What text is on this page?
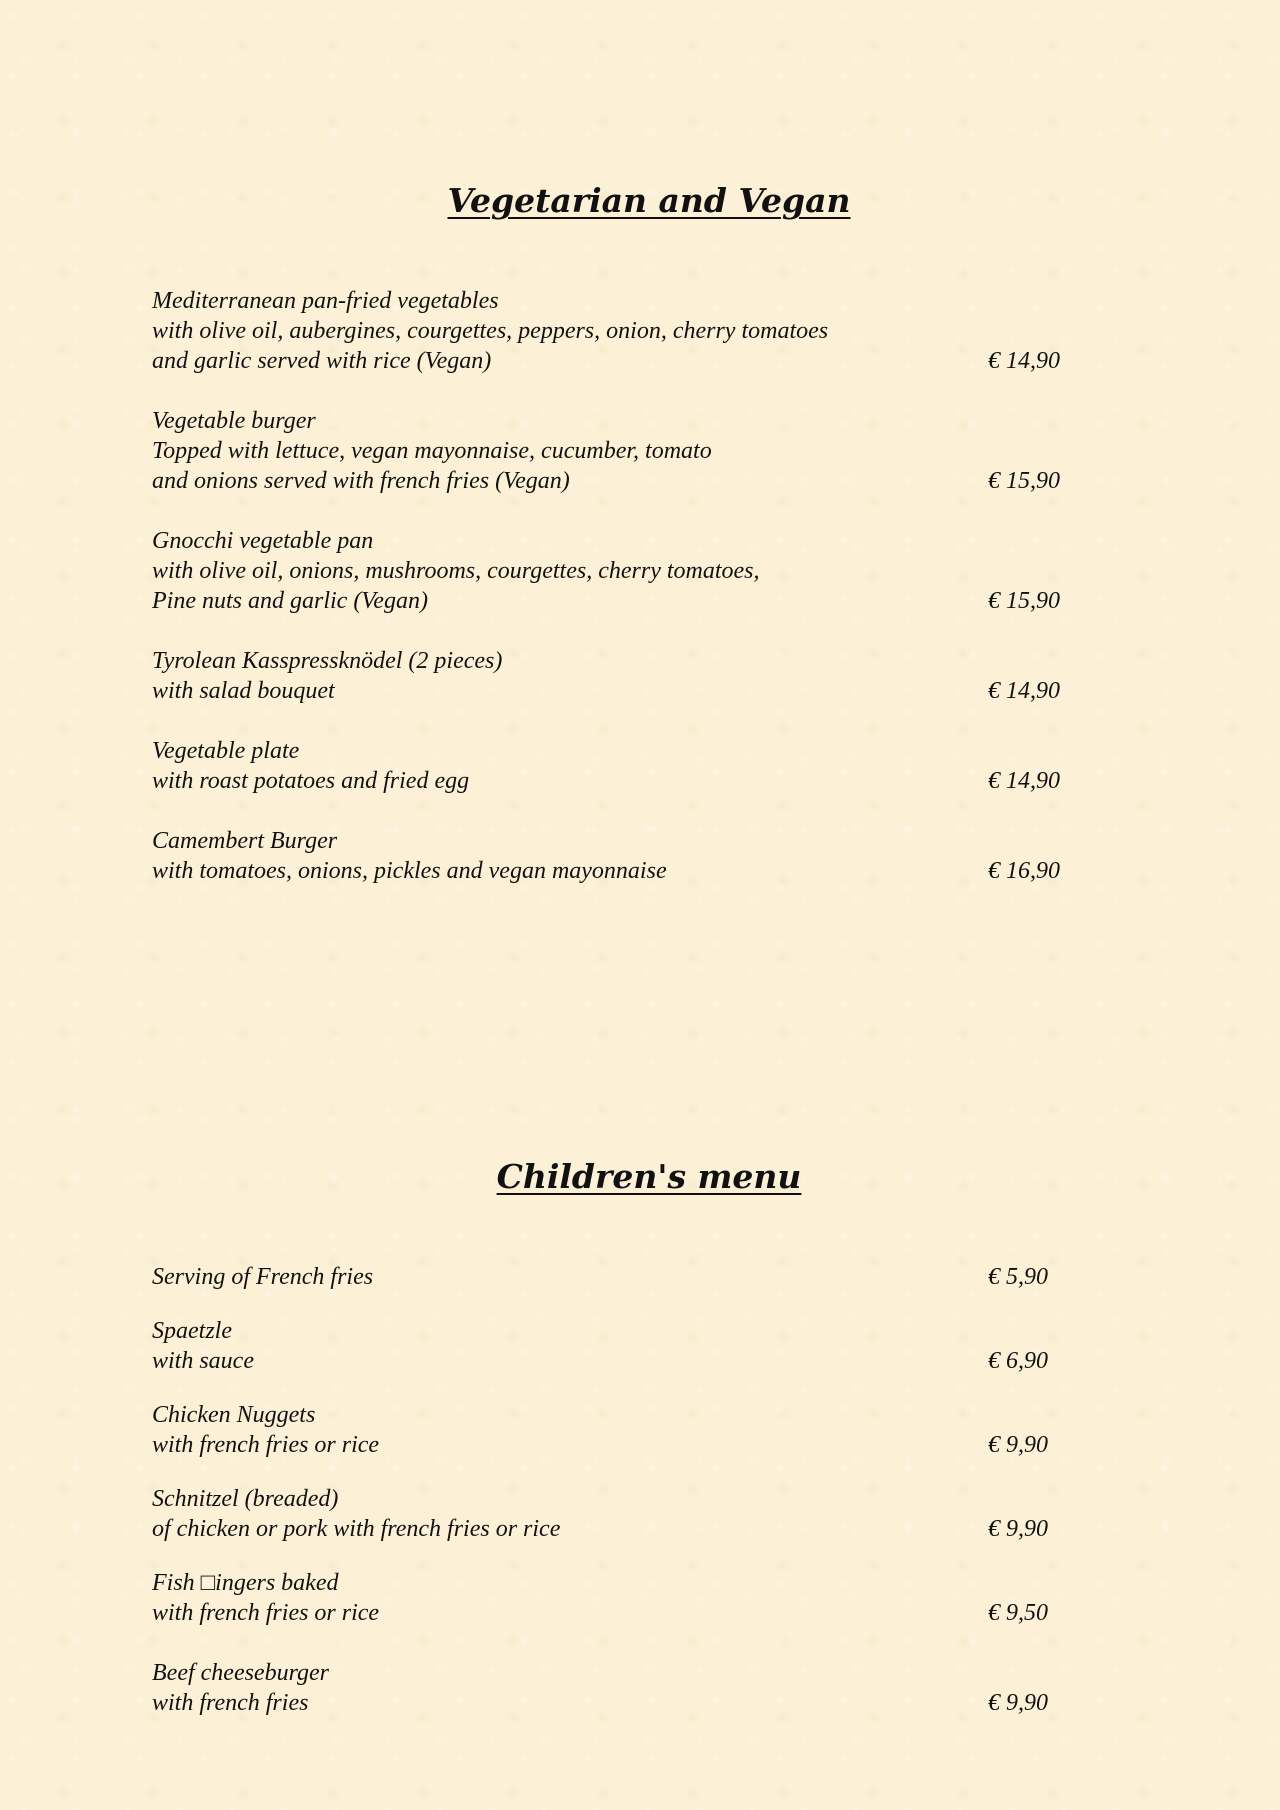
Vegetarian and Vegan
Mediterranean pan-fried vegetables
with olive oil, aubergines, courgettes, peppers, onion, cherry tomatoes
and garlic served with rice (Vegan)	€ 14,90
Vegetable burger
Topped with lettuce, vegan mayonnaise, cucumber, tomato
and onions served with french fries (Vegan)	€ 15,90
Gnocchi vegetable pan
with olive oil, onions, mushrooms, courgettes, cherry tomatoes,
Pine nuts and garlic (Vegan)	€ 15,90
Tyrolean Kasspressknödel (2 pieces)
with salad bouquet	€ 14,90
Vegetable plate
with roast potatoes and fried egg	€ 14,90
Camembert Burger
with tomatoes, onions, pickles and vegan mayonnaise	€ 16,90
Children's menu
Serving of French fries	€ 5,90
Spaetzle
with sauce	€ 6,90
Chicken Nuggets
with french fries or rice	€ 9,90
Schnitzel (breaded)
of chicken or pork with french fries or rice	€ 9,90
Fish □ingers baked
with french fries or rice	€ 9,50
Beef cheeseburger
with french fries	€ 9,90
